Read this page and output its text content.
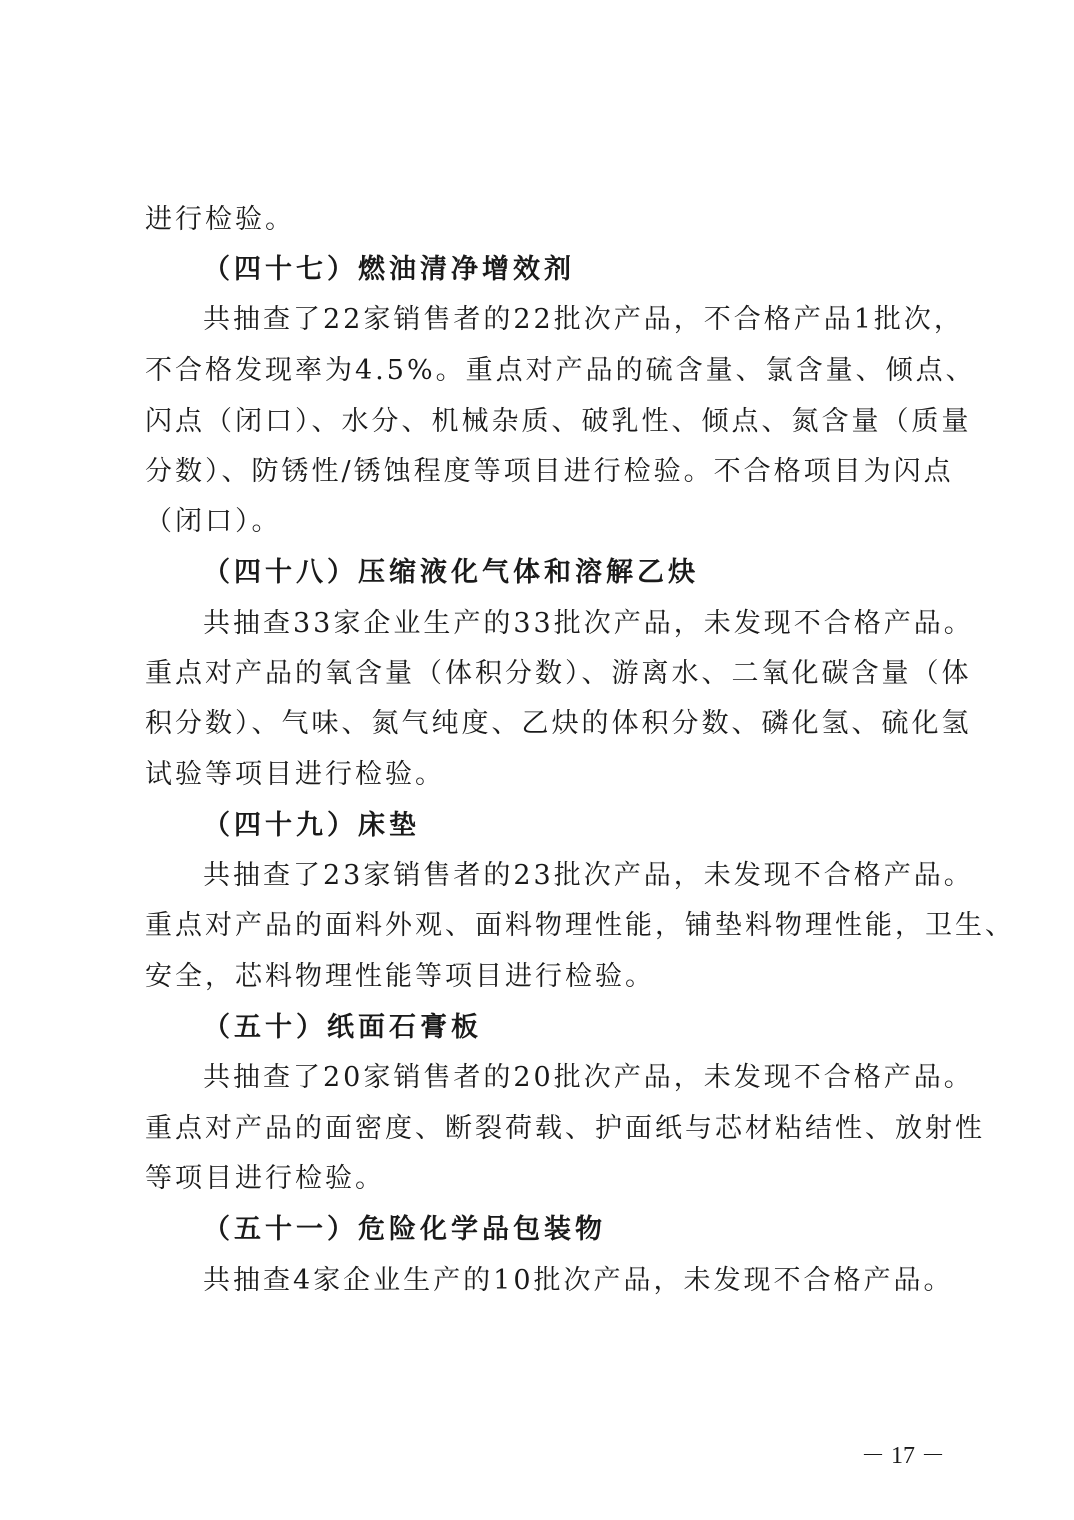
进行检验。
（四十七）燃油清净增效剂
共抽查了22家销售者的22批次产品，不合格产品1批次，
不合格发现率为4.5%。重点对产品的硫含量、氯含量、倾点、
闪点（闭口）、水分、机械杂质、破乳性、倾点、氮含量（质量
分数）、防锈性/锈蚀程度等项目进行检验。不合格项目为闪点
（闭口）。
（四十八）压缩液化气体和溶解乙炔
共抽查33家企业生产的33批次产品，未发现不合格产品。
重点对产品的氧含量（体积分数）、游离水、二氧化碳含量（体
积分数）、气味、氮气纯度、乙炔的体积分数、磷化氢、硫化氢
试验等项目进行检验。
（四十九）床垫
共抽查了23家销售者的23批次产品，未发现不合格产品。
重点对产品的面料外观、面料物理性能，铺垫料物理性能，卫生、
安全，芯料物理性能等项目进行检验。
（五十）纸面石膏板
共抽查了20家销售者的20批次产品，未发现不合格产品。
重点对产品的面密度、断裂荷载、护面纸与芯材粘结性、放射性
等项目进行检验。
（五十一）危险化学品包装物
共抽查4家企业生产的10批次产品，未发现不合格产品。
－ 17 －
